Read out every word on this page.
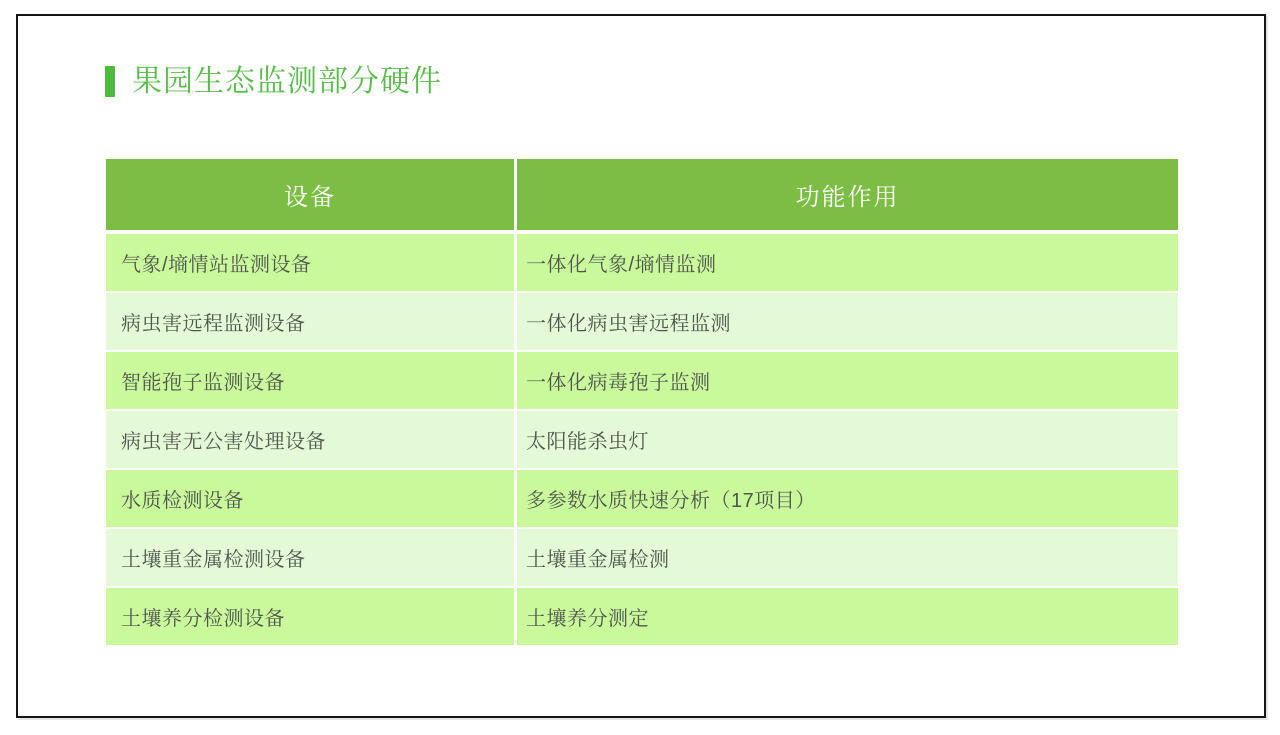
果园生态监测部分硬件
设备	功能作用
气象/墒情站监测设备	一体化气象/墒情监测
病虫害远程监测设备	一体化病虫害远程监测
智能孢子监测设备	一体化病毒孢子监测
病虫害无公害处理设备	太阳能杀虫灯
水质检测设备	多参数水质快速分析（17项目）
土壤重金属检测设备	土壤重金属检测
土壤养分检测设备	土壤养分测定
